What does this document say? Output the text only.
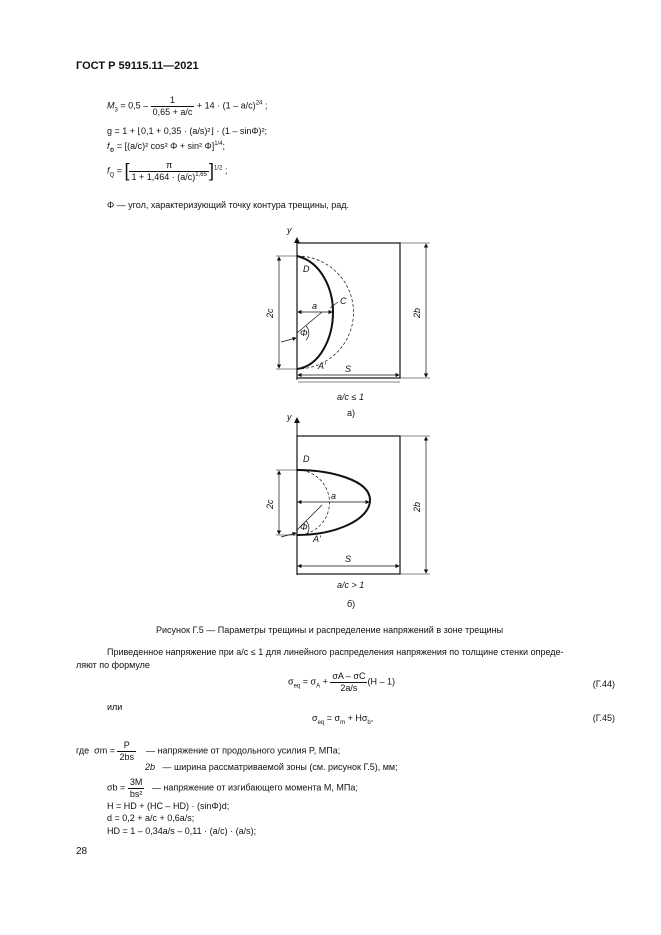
ГОСТ Р 59115.11—2021
$M_3 = 0,5 - \frac{1}{0,65 + a/c} + 14 \cdot (1 - a/c)^{24}$ ;
g = 1 + ⌊0,1 + 0,35 · (a/s)²⌋ · (1 – sinΦ)²;
$f_\Phi = [(a/c)^2$ cos² Φ + sin² Φ]$^{1/4}$;
$f_Q$ = [ $\frac{\pi}{1 + 1,464 \cdot (a/c)^{1,65}} ]^{1/2}$ ;
Φ — угол, характеризующий точку контура трещины, рад.
y
a
Φ
D
C
A'
2c	2b
S
a/c ≤ 1
а)
y
a
Φ
D
A'
2c	2b
S
a/c > 1
б)
Рисунок Г.5 — Параметры трещины и распределение напряжений в зоне трещины
Приведенное напряжение при a/c ≤ 1 для линейного распределения напряжения по толщине стенки опреде-
ляют по формуле
$\sigma_{eq} = \sigma_A + \frac{\sigma A - \sigma C}{2a/s} (H - 1)$	(Г.44)
или
$\sigma_{eq} = \sigma_m + H\sigma_b$,	(Г.45)
где $\sigma m = \frac{P}{2bs}$ — напряжение от продольного усилия P, МПа;
2b — ширина рассматриваемой зоны (см. рисунок Г.5), мм;
$\sigma b = \frac{3M}{\text{bs²}}$ — напряжение от изгибающего момента M, МПа;
H = HD + (HC – HD) · (sinΦ)d;
d = 0,2 + a/c + 0,6a/s;
HD = 1 – 0,34a/s – 0,11 · (a/c) · (a/s);
28
